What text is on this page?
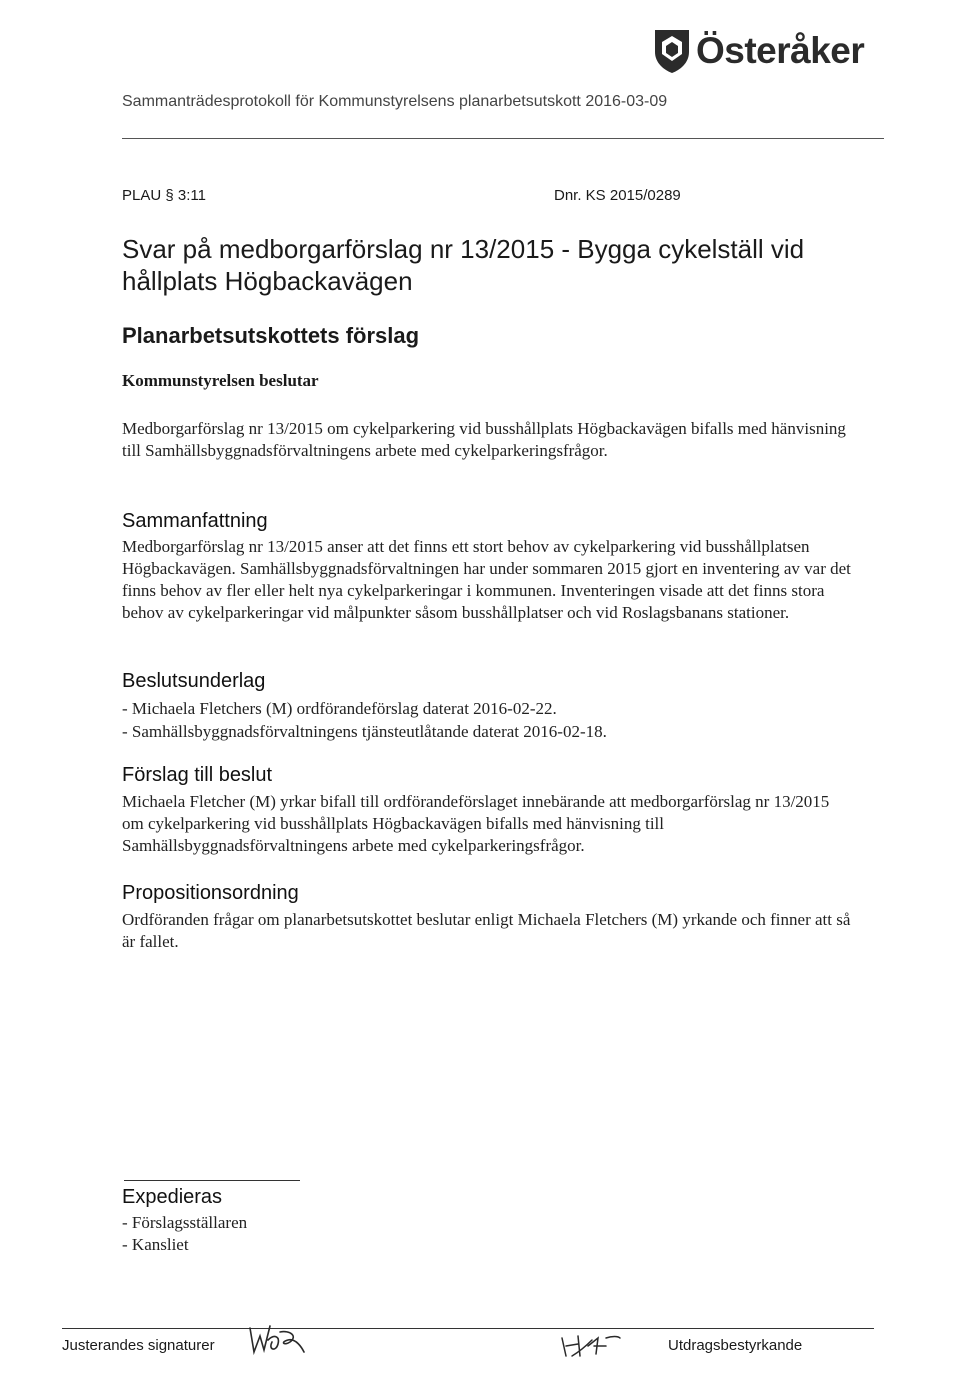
Österåker
Sammanträdesprotokoll för Kommunstyrelsens planarbetsutskott 2016-03-09
PLAU § 3:11	Dnr. KS 2015/0289
Svar på medborgarförslag nr 13/2015 - Bygga cykelställ vid hållplats Högbackavägen
Planarbetsutskottets förslag
Kommunstyrelsen beslutar
Medborgarförslag nr 13/2015 om cykelparkering vid busshållplats Högbackavägen bifalls med hänvisning till Samhällsbyggnadsförvaltningens arbete med cykelparkeringsfrågor.
Sammanfattning
Medborgarförslag nr 13/2015 anser att det finns ett stort behov av cykelparkering vid busshållplatsen Högbackavägen. Samhällsbyggnadsförvaltningen har under sommaren 2015 gjort en inventering av var det finns behov av fler eller helt nya cykelparkeringar i kommunen. Inventeringen visade att det finns stora behov av cykelparkeringar vid målpunkter såsom busshållplatser och vid Roslagsbanans stationer.
Beslutsunderlag
- Michaela Fletchers (M) ordförandeförslag daterat 2016-02-22.
- Samhällsbyggnadsförvaltningens tjänsteutlåtande daterat 2016-02-18.
Förslag till beslut
Michaela Fletcher (M) yrkar bifall till ordförandeförslaget innebärande att medborgarförslag nr 13/2015 om cykelparkering vid busshållplats Högbackavägen bifalls med hänvisning till Samhällsbyggnadsförvaltningens arbete med cykelparkeringsfrågor.
Propositionsordning
Ordföranden frågar om planarbetsutskottet beslutar enligt Michaela Fletchers (M) yrkande och finner att så är fallet.
Expedieras
- Förslagsställaren
- Kansliet
Justerandes signaturer	Utdragsbestyrkande
